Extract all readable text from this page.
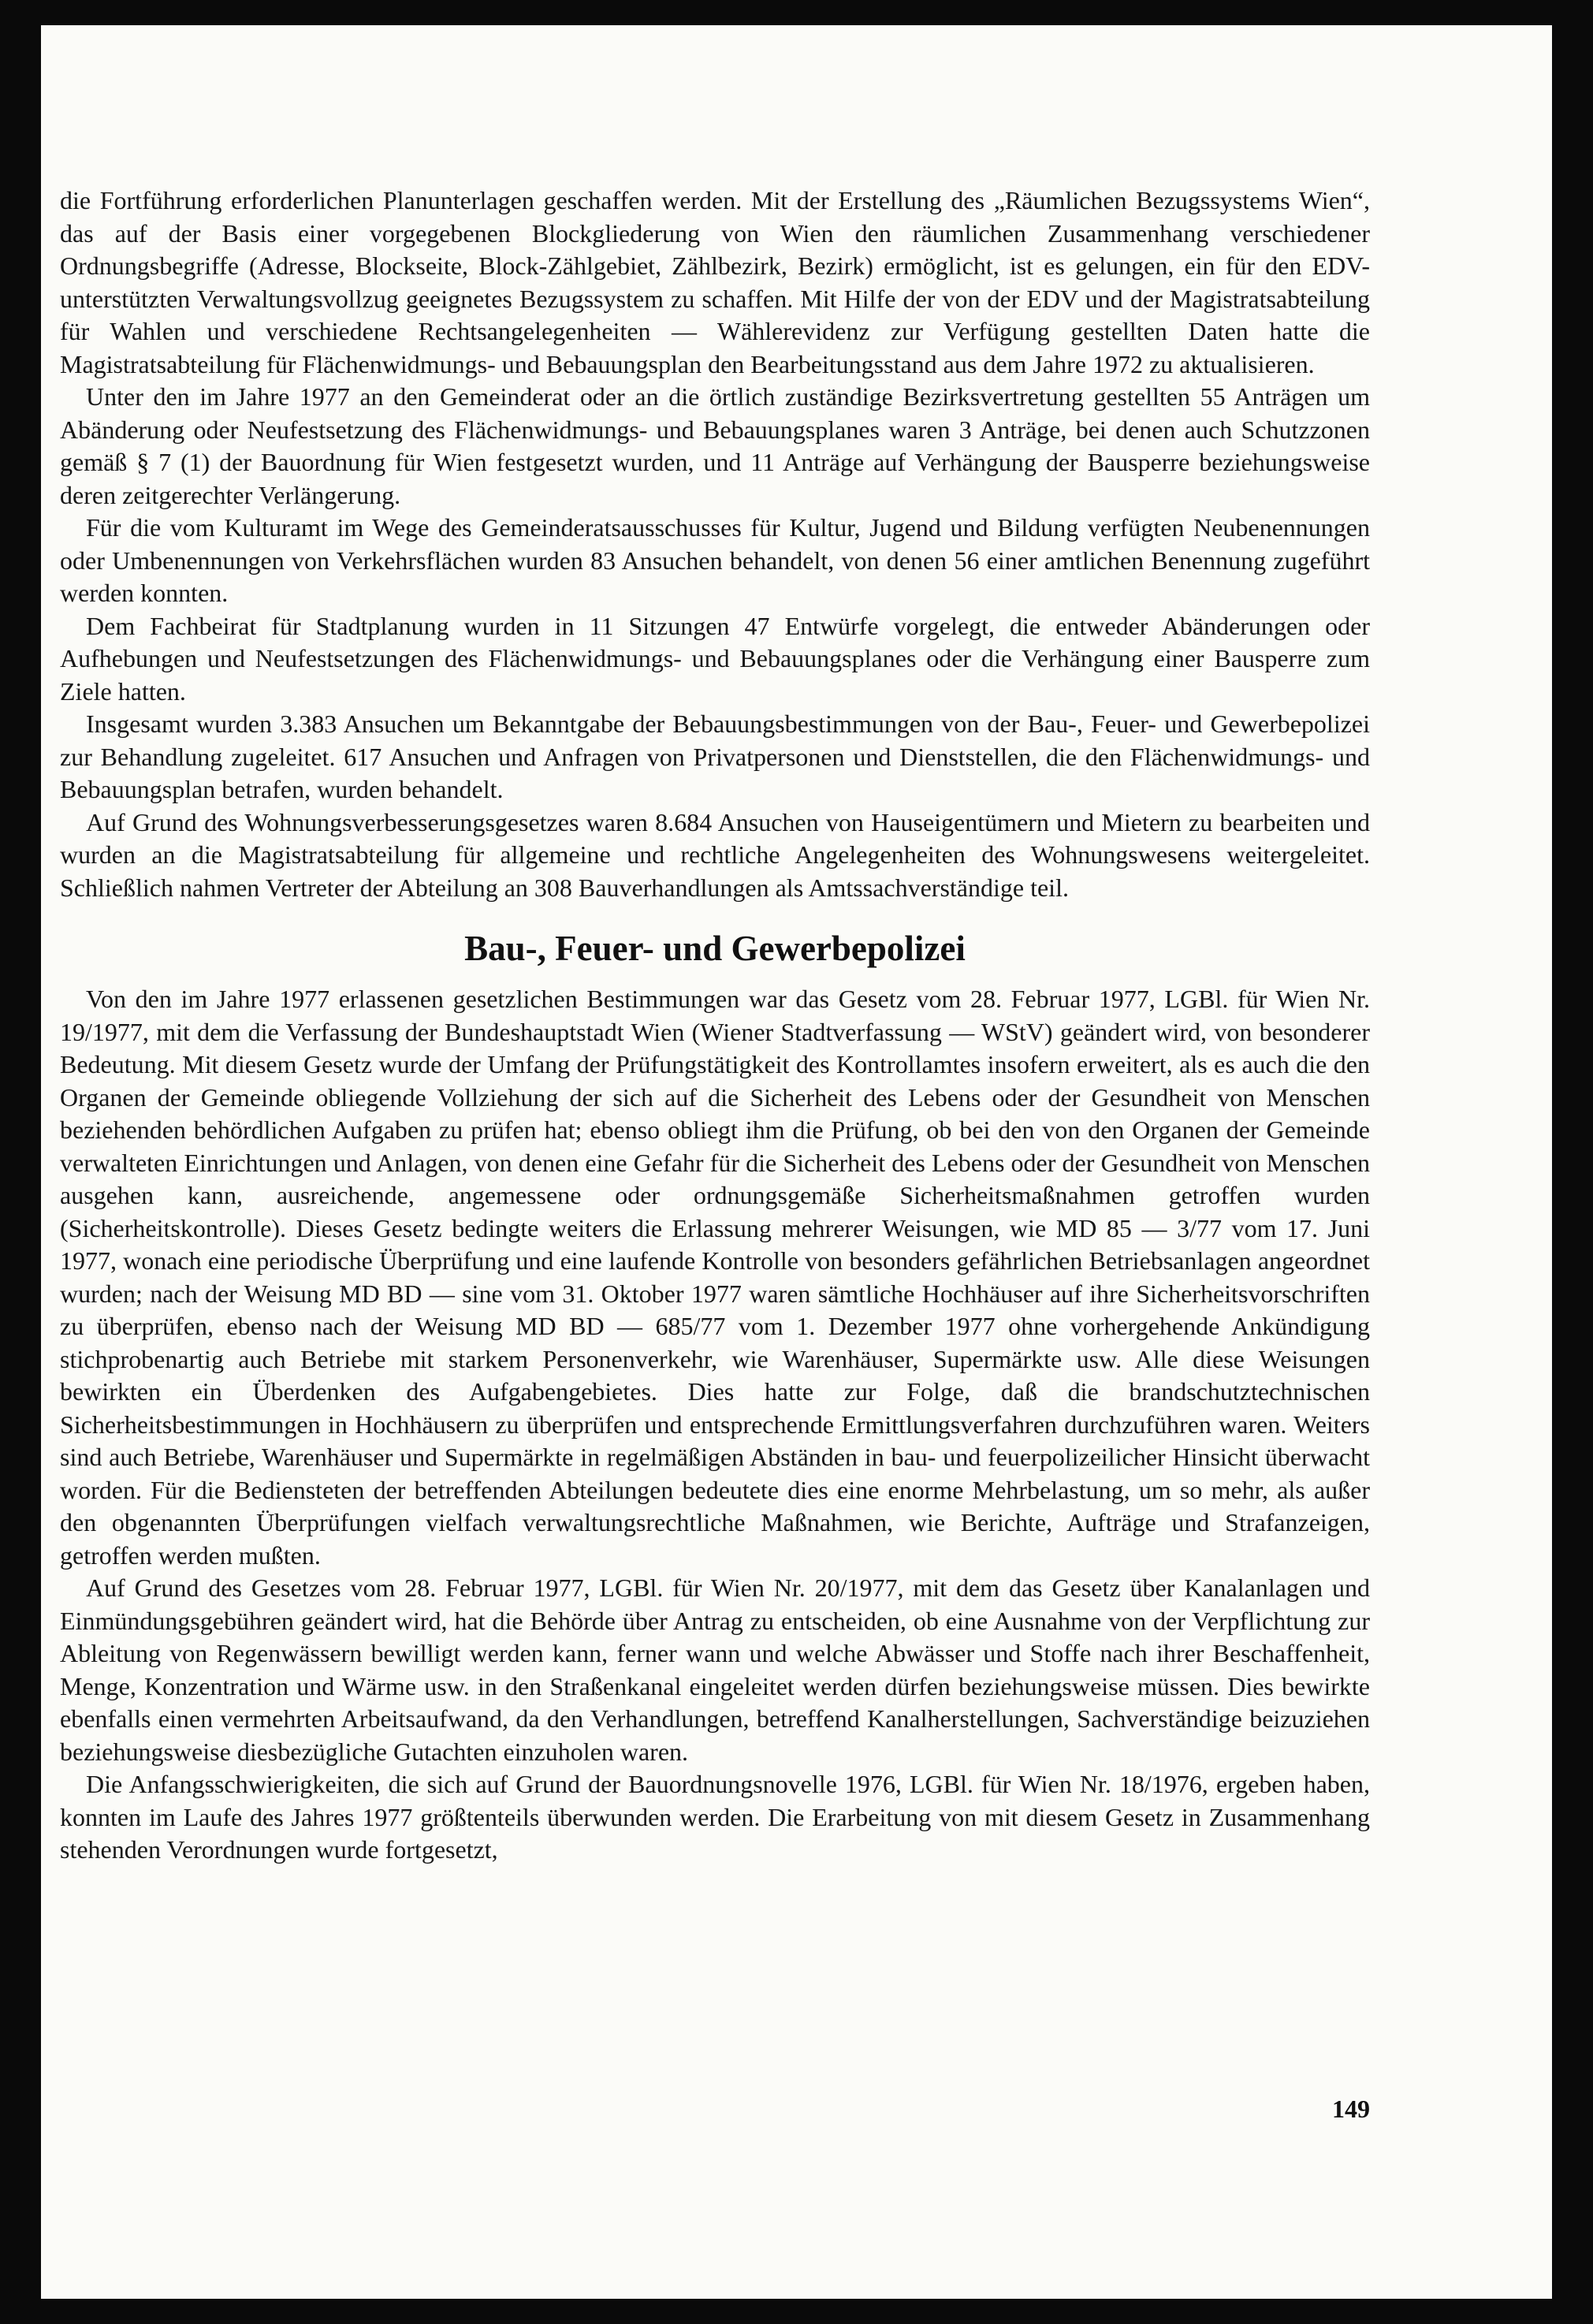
die Fortführung erforderlichen Planunterlagen geschaffen werden. Mit der Erstellung des „Räumlichen Bezugssystems Wien“, das auf der Basis einer vorgegebenen Blockgliederung von Wien den räumlichen Zusammenhang verschiedener Ordnungsbegriffe (Adresse, Blockseite, Block-Zählgebiet, Zählbezirk, Bezirk) ermöglicht, ist es gelungen, ein für den EDV-unterstützten Verwaltungsvollzug geeignetes Bezugssystem zu schaffen. Mit Hilfe der von der EDV und der Magistratsabteilung für Wahlen und verschiedene Rechtsangelegenheiten — Wählerevidenz zur Verfügung gestellten Daten hatte die Magistratsabteilung für Flächenwidmungs- und Bebauungsplan den Bearbeitungsstand aus dem Jahre 1972 zu aktualisieren.

Unter den im Jahre 1977 an den Gemeinderat oder an die örtlich zuständige Bezirksvertretung gestellten 55 Anträgen um Abänderung oder Neufestsetzung des Flächenwidmungs- und Bebauungsplanes waren 3 Anträge, bei denen auch Schutzzonen gemäß § 7 (1) der Bauordnung für Wien festgesetzt wurden, und 11 Anträge auf Verhängung der Bausperre beziehungsweise deren zeitgerechter Verlängerung.

Für die vom Kulturamt im Wege des Gemeinderatsausschusses für Kultur, Jugend und Bildung verfügten Neubenennungen oder Umbenennungen von Verkehrsflächen wurden 83 Ansuchen behandelt, von denen 56 einer amtlichen Benennung zugeführt werden konnten.

Dem Fachbeirat für Stadtplanung wurden in 11 Sitzungen 47 Entwürfe vorgelegt, die entweder Abänderungen oder Aufhebungen und Neufestsetzungen des Flächenwidmungs- und Bebauungsplanes oder die Verhängung einer Bausperre zum Ziele hatten.

Insgesamt wurden 3.383 Ansuchen um Bekanntgabe der Bebauungsbestimmungen von der Bau-, Feuer- und Gewerbepolizei zur Behandlung zugeleitet. 617 Ansuchen und Anfragen von Privatpersonen und Dienststellen, die den Flächenwidmungs- und Bebauungsplan betrafen, wurden behandelt.

Auf Grund des Wohnungsverbesserungsgesetzes waren 8.684 Ansuchen von Hauseigentümern und Mietern zu bearbeiten und wurden an die Magistratsabteilung für allgemeine und rechtliche Angelegenheiten des Wohnungswesens weitergeleitet. Schließlich nahmen Vertreter der Abteilung an 308 Bauverhandlungen als Amtssachverständige teil.

Bau-, Feuer- und Gewerbepolizei

Von den im Jahre 1977 erlassenen gesetzlichen Bestimmungen war das Gesetz vom 28. Februar 1977, LGBl. für Wien Nr. 19/1977, mit dem die Verfassung der Bundeshauptstadt Wien (Wiener Stadtverfassung — WStV) geändert wird, von besonderer Bedeutung. Mit diesem Gesetz wurde der Umfang der Prüfungstätigkeit des Kontrollamtes insofern erweitert, als es auch die den Organen der Gemeinde obliegende Vollziehung der sich auf die Sicherheit des Lebens oder der Gesundheit von Menschen beziehenden behördlichen Aufgaben zu prüfen hat; ebenso obliegt ihm die Prüfung, ob bei den von den Organen der Gemeinde verwalteten Einrichtungen und Anlagen, von denen eine Gefahr für die Sicherheit des Lebens oder der Gesundheit von Menschen ausgehen kann, ausreichende, angemessene oder ordnungsgemäße Sicherheitsmaßnahmen getroffen wurden (Sicherheitskontrolle). Dieses Gesetz bedingte weiters die Erlassung mehrerer Weisungen, wie MD 85 — 3/77 vom 17. Juni 1977, wonach eine periodische Überprüfung und eine laufende Kontrolle von besonders gefährlichen Betriebsanlagen angeordnet wurden; nach der Weisung MD BD — sine vom 31. Oktober 1977 waren sämtliche Hochhäuser auf ihre Sicherheitsvorschriften zu überprüfen, ebenso nach der Weisung MD BD — 685/77 vom 1. Dezember 1977 ohne vorhergehende Ankündigung stichprobenartig auch Betriebe mit starkem Personenverkehr, wie Warenhäuser, Supermärkte usw. Alle diese Weisungen bewirkten ein Überdenken des Aufgabengebietes. Dies hatte zur Folge, daß die brandschutztechnischen Sicherheitsbestimmungen in Hochhäusern zu überprüfen und entsprechende Ermittlungsverfahren durchzuführen waren. Weiters sind auch Betriebe, Warenhäuser und Supermärkte in regelmäßigen Abständen in bau- und feuerpolizeilicher Hinsicht überwacht worden. Für die Bediensteten der betreffenden Abteilungen bedeutete dies eine enorme Mehrbelastung, um so mehr, als außer den obgenannten Überprüfungen vielfach verwaltungsrechtliche Maßnahmen, wie Berichte, Aufträge und Strafanzeigen, getroffen werden mußten.

Auf Grund des Gesetzes vom 28. Februar 1977, LGBl. für Wien Nr. 20/1977, mit dem das Gesetz über Kanalanlagen und Einmündungsgebühren geändert wird, hat die Behörde über Antrag zu entscheiden, ob eine Ausnahme von der Verpflichtung zur Ableitung von Regenwässern bewilligt werden kann, ferner wann und welche Abwässer und Stoffe nach ihrer Beschaffenheit, Menge, Konzentration und Wärme usw. in den Straßenkanal eingeleitet werden dürfen beziehungsweise müssen. Dies bewirkte ebenfalls einen vermehrten Arbeitsaufwand, da den Verhandlungen, betreffend Kanalherstellungen, Sachverständige beizuziehen beziehungsweise diesbezügliche Gutachten einzuholen waren.

Die Anfangsschwierigkeiten, die sich auf Grund der Bauordnungsnovelle 1976, LGBl. für Wien Nr. 18/1976, ergeben haben, konnten im Laufe des Jahres 1977 größtenteils überwunden werden. Die Erarbeitung von mit diesem Gesetz in Zusammenhang stehenden Verordnungen wurde fortgesetzt,

149
